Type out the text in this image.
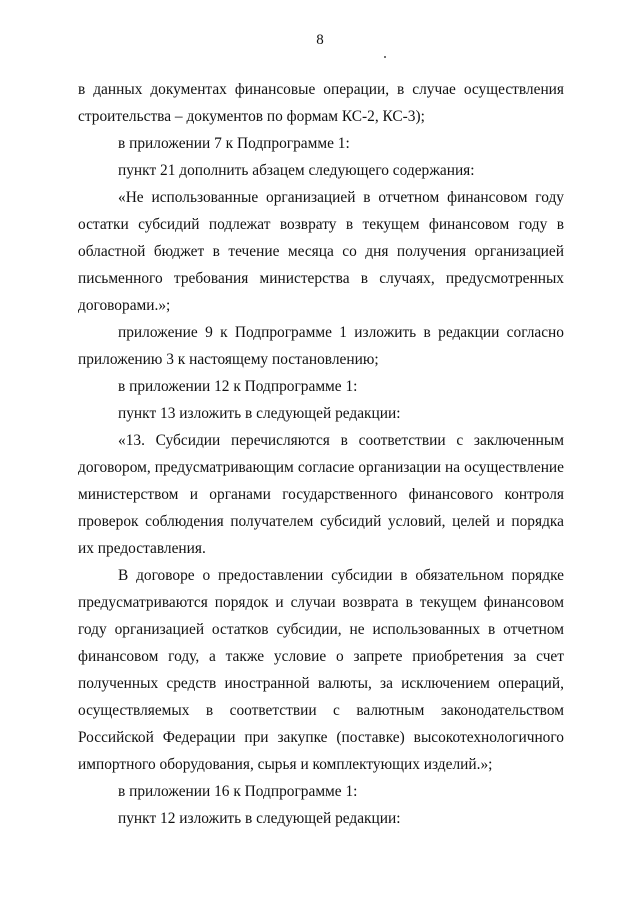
8

в данных документах финансовые операции, в случае осуществления строительства – документов по формам КС-2, КС-3);

в приложении 7 к Подпрограмме 1:

пункт 21 дополнить абзацем следующего содержания:

«Не использованные организацией в отчетном финансовом году остатки субсидий подлежат возврату в текущем финансовом году в областной бюджет в течение месяца со дня получения организацией письменного требования министерства в случаях, предусмотренных договорами.»;

приложение 9 к Подпрограмме 1 изложить в редакции согласно приложению 3 к настоящему постановлению;

в приложении 12 к Подпрограмме 1:

пункт 13 изложить в следующей редакции:

«13. Субсидии перечисляются в соответствии с заключенным договором, предусматривающим согласие организации на осуществление министерством и органами государственного финансового контроля проверок соблюдения получателем субсидий условий, целей и порядка их предоставления.

В договоре о предоставлении субсидии в обязательном порядке предусматриваются порядок и случаи возврата в текущем финансовом году организацией остатков субсидии, не использованных в отчетном финансовом году, а также условие о запрете приобретения за счет полученных средств иностранной валюты, за исключением операций, осуществляемых в соответствии с валютным законодательством Российской Федерации при закупке (поставке) высокотехнологичного импортного оборудования, сырья и комплектующих изделий.»;

в приложении 16 к Подпрограмме 1:

пункт 12 изложить в следующей редакции:
